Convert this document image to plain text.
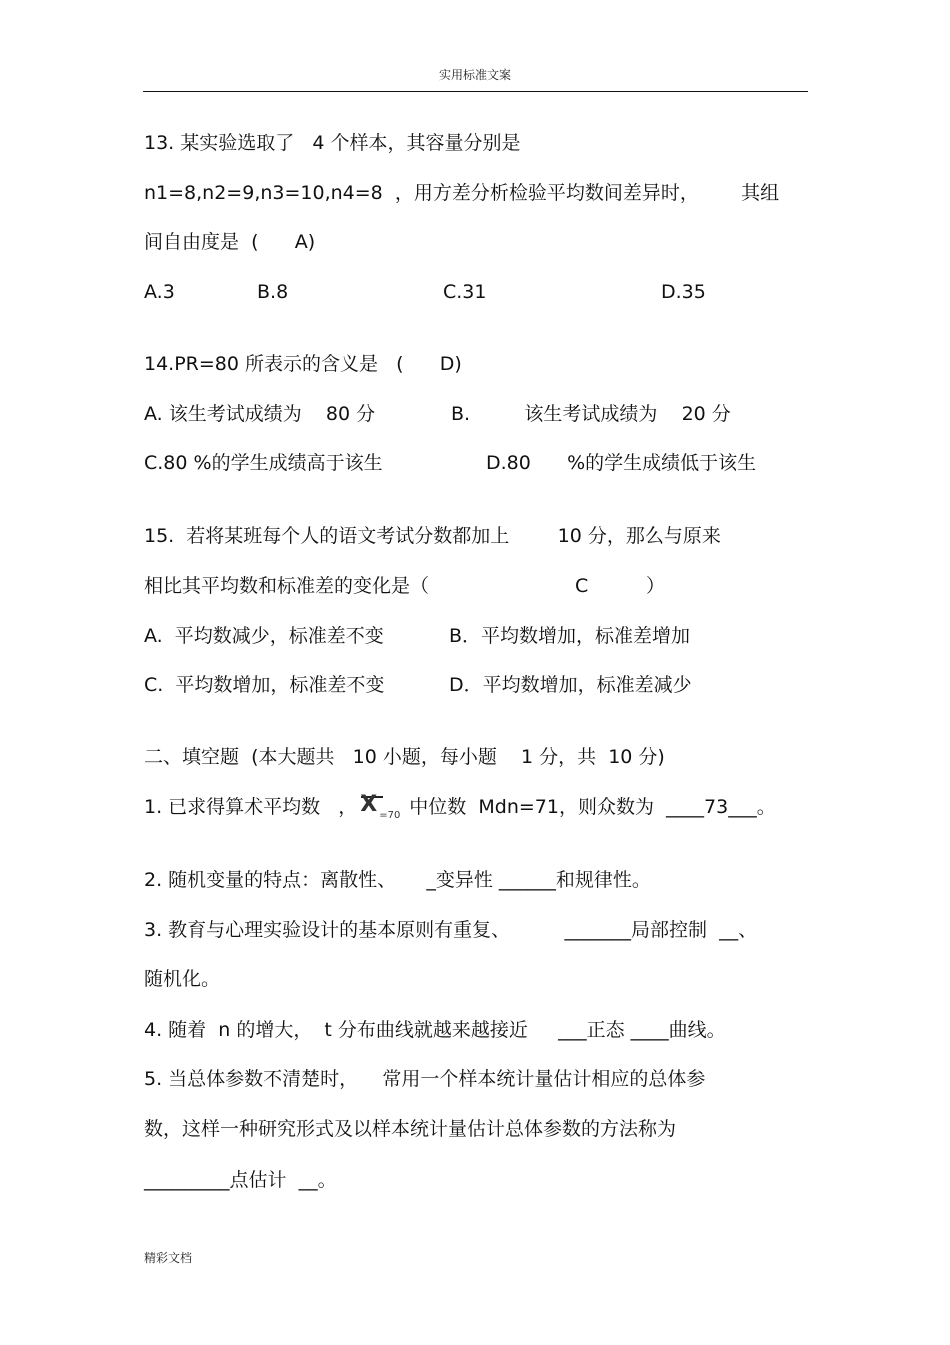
实用标准文案
13. 某实验选取了   4 个样本，其容量分别是
n1=8,n2=9,n3=10,n4=8  ，用方差分析检验平均数间差异时，       其组
间自由度是  (      A)
A.3	B.8	C.31	D.35
14.PR=80 所表示的含义是   (      D)
A. 该生考试成绩为    80 分	B.         该生考试成绩为    20 分
C.80 %的学生成绩高于该生	D.80      %的学生成绩低于该生
15.  若将某班每个人的语文考试分数都加上        10 分，那么与原来
相比其平均数和标准差的变化是（	C	）
A.  平均数减少，标准差不变	B．平均数增加，标准差增加
C.  平均数增加，标准差不变	D．平均数增加，标准差减少
二、填空题  (本大题共   10 小题，每小题    1 分，共  10 分)
1. 已求得算术平均数   ， X =70 中位数  Mdn=71，则众数为  ____73___。
2. 随机变量的特点：离散性、     _变异性 ______和规律性。
3. 教育与心理实验设计的基本原则有重复、         _______局部控制  __、
随机化。
4. 随着  n 的增大，  t 分布曲线就越来越接近     ___正态 ____曲线。
5. 当总体参数不清楚时，    常用一个样本统计量估计相应的总体参
数，这样一种研究形式及以样本统计量估计总体参数的方法称为
_________点估计  __。
精彩文档
